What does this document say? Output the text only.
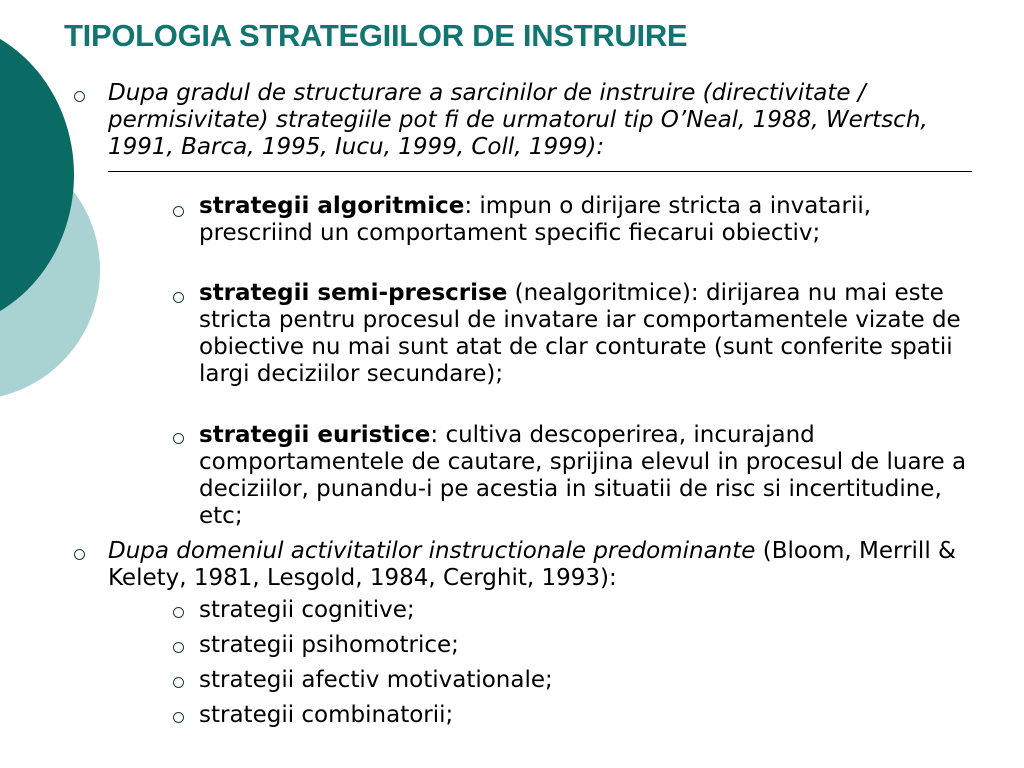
TIPOLOGIA STRATEGIILOR DE INSTRUIRE
Dupa gradul de structurare a sarcinilor de instruire (directivitate / permisivitate) strategiile pot fi de urmatorul tip O’Neal, 1988, Wertsch, 1991, Barca, 1995, Iucu, 1999, Coll, 1999):
strategii algoritmice: impun o dirijare stricta a invatarii, prescriind un comportament specific fiecarui obiectiv;
strategii semi-prescrise (nealgoritmice): dirijarea nu mai este stricta pentru procesul de invatare iar comportamentele vizate de obiective nu mai sunt atat de clar conturate (sunt conferite spatii largi deciziilor secundare);
strategii euristice: cultiva descoperirea, incurajand comportamentele de cautare, sprijina elevul in procesul de luare a deciziilor, punandu-i pe acestia in situatii de risc si incertitudine, etc;
Dupa domeniul activitatilor instructionale predominante (Bloom, Merrill & Kelety, 1981, Lesgold, 1984, Cerghit, 1993):
strategii cognitive;
strategii psihomotrice;
strategii afectiv motivationale;
strategii combinatorii;
